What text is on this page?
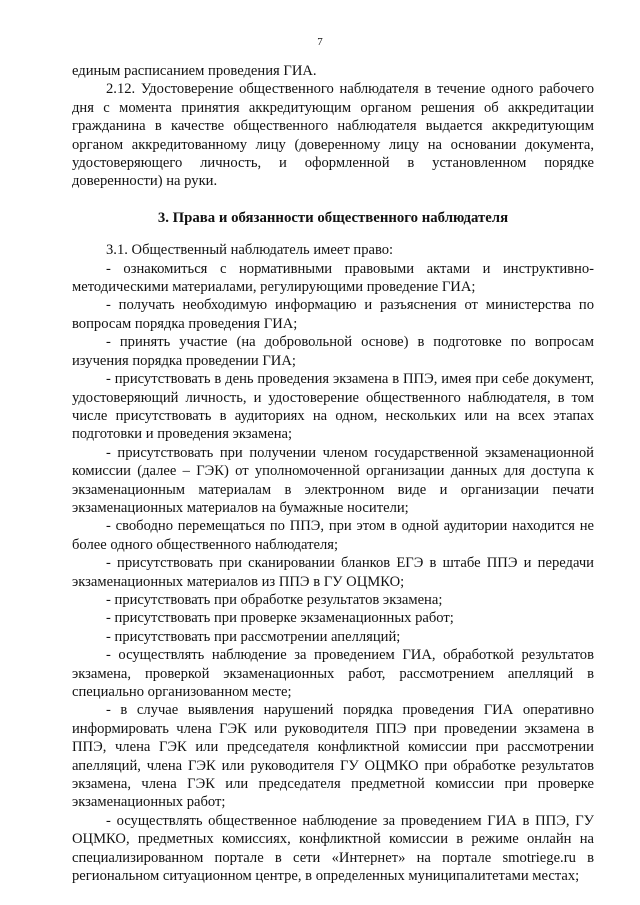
7

единым расписанием проведения ГИА.

2.12. Удостоверение общественного наблюдателя в течение одного рабочего дня с момента принятия аккредитующим органом решения об аккредитации гражданина в качестве общественного наблюдателя выдается аккредитующим органом аккредитованному лицу (доверенному лицу на основании документа, удостоверяющего личность, и оформленной в установленном порядке доверенности) на руки.

3. Права и обязанности общественного наблюдателя

3.1. Общественный наблюдатель имеет право:

- ознакомиться с нормативными правовыми актами и инструктивно-методическими материалами, регулирующими проведение ГИА;

- получать необходимую информацию и разъяснения от министерства по вопросам порядка проведения ГИА;

- принять участие (на добровольной основе) в подготовке по вопросам изучения порядка проведении ГИА;

- присутствовать в день проведения экзамена в ППЭ, имея при себе документ, удостоверяющий личность, и удостоверение общественного наблюдателя, в том числе присутствовать в аудиториях на одном, нескольких или на всех этапах подготовки и проведения экзамена;

- присутствовать при получении членом государственной экзаменационной комиссии (далее – ГЭК) от уполномоченной организации данных для доступа к экзаменационным материалам в электронном виде и организации печати экзаменационных материалов на бумажные носители;

- свободно перемещаться по ППЭ, при этом в одной аудитории находится не более одного общественного наблюдателя;

- присутствовать при сканировании бланков ЕГЭ в штабе ППЭ и передачи экзаменационных материалов из ППЭ в ГУ ОЦМКО;

- присутствовать при обработке результатов экзамена;

- присутствовать при проверке экзаменационных работ;

- присутствовать при рассмотрении апелляций;

- осуществлять наблюдение за проведением ГИА, обработкой результатов экзамена, проверкой экзаменационных работ, рассмотрением апелляций в специально организованном месте;

- в случае выявления нарушений порядка проведения ГИА оперативно информировать члена ГЭК или руководителя ППЭ при проведении экзамена в ППЭ, члена ГЭК или председателя конфликтной комиссии при рассмотрении апелляций, члена ГЭК или руководителя ГУ ОЦМКО при обработке результатов экзамена, члена ГЭК или председателя предметной комиссии при проверке экзаменационных работ;

- осуществлять общественное наблюдение за проведением ГИА в ППЭ, ГУ ОЦМКО, предметных комиссиях, конфликтной комиссии в режиме онлайн на специализированном портале в сети «Интернет» на портале smotriege.ru в региональном ситуационном центре, в определенных муниципалитетами местах;
